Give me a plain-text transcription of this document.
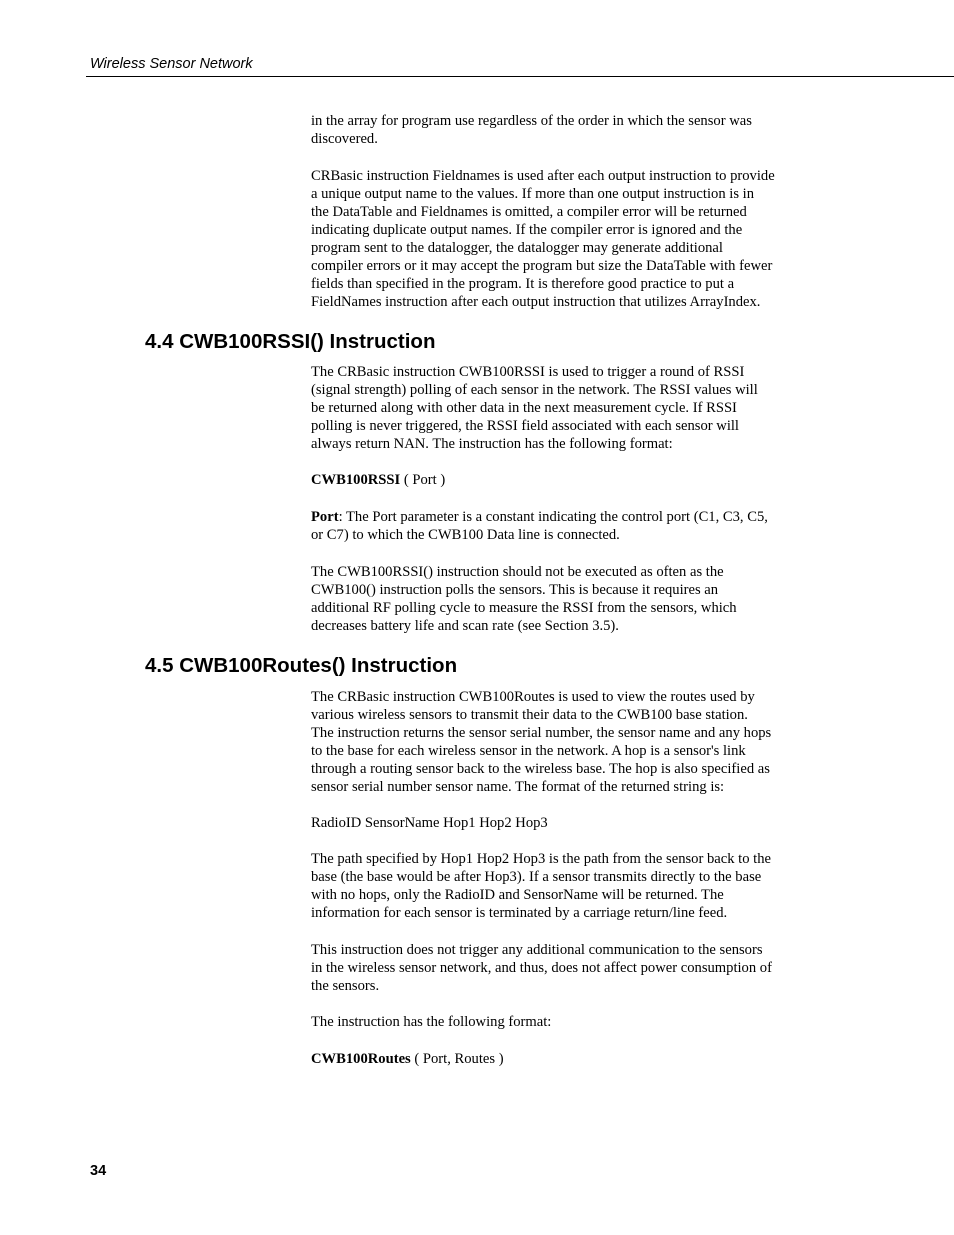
Wireless Sensor Network
in the array for program use regardless of the order in which the sensor was
discovered.
CRBasic instruction Fieldnames is used after each output instruction to provide
a unique output name to the values. If more than one output instruction is in
the DataTable and Fieldnames is omitted, a compiler error will be returned
indicating duplicate output names. If the compiler error is ignored and the
program sent to the datalogger, the datalogger may generate additional
compiler errors or it may accept the program but size the DataTable with fewer
fields than specified in the program. It is therefore good practice to put a
FieldNames instruction after each output instruction that utilizes ArrayIndex.
4.4 CWB100RSSI() Instruction
The CRBasic instruction CWB100RSSI is used to trigger a round of RSSI
(signal strength) polling of each sensor in the network. The RSSI values will
be returned along with other data in the next measurement cycle. If RSSI
polling is never triggered, the RSSI field associated with each sensor will
always return NAN. The instruction has the following format:
CWB100RSSI ( Port )
Port: The Port parameter is a constant indicating the control port (C1, C3, C5,
or C7) to which the CWB100 Data line is connected.
The CWB100RSSI() instruction should not be executed as often as the
CWB100() instruction polls the sensors. This is because it requires an
additional RF polling cycle to measure the RSSI from the sensors, which
decreases battery life and scan rate (see Section 3.5).
4.5 CWB100Routes() Instruction
The CRBasic instruction CWB100Routes is used to view the routes used by
various wireless sensors to transmit their data to the CWB100 base station.
The instruction returns the sensor serial number, the sensor name and any hops
to the base for each wireless sensor in the network. A hop is a sensor's link
through a routing sensor back to the wireless base. The hop is also specified as
sensor serial number sensor name. The format of the returned string is:
RadioID SensorName Hop1 Hop2 Hop3
The path specified by Hop1 Hop2 Hop3 is the path from the sensor back to the
base (the base would be after Hop3). If a sensor transmits directly to the base
with no hops, only the RadioID and SensorName will be returned. The
information for each sensor is terminated by a carriage return/line feed.
This instruction does not trigger any additional communication to the sensors
in the wireless sensor network, and thus, does not affect power consumption of
the sensors.
The instruction has the following format:
CWB100Routes ( Port, Routes )
34
